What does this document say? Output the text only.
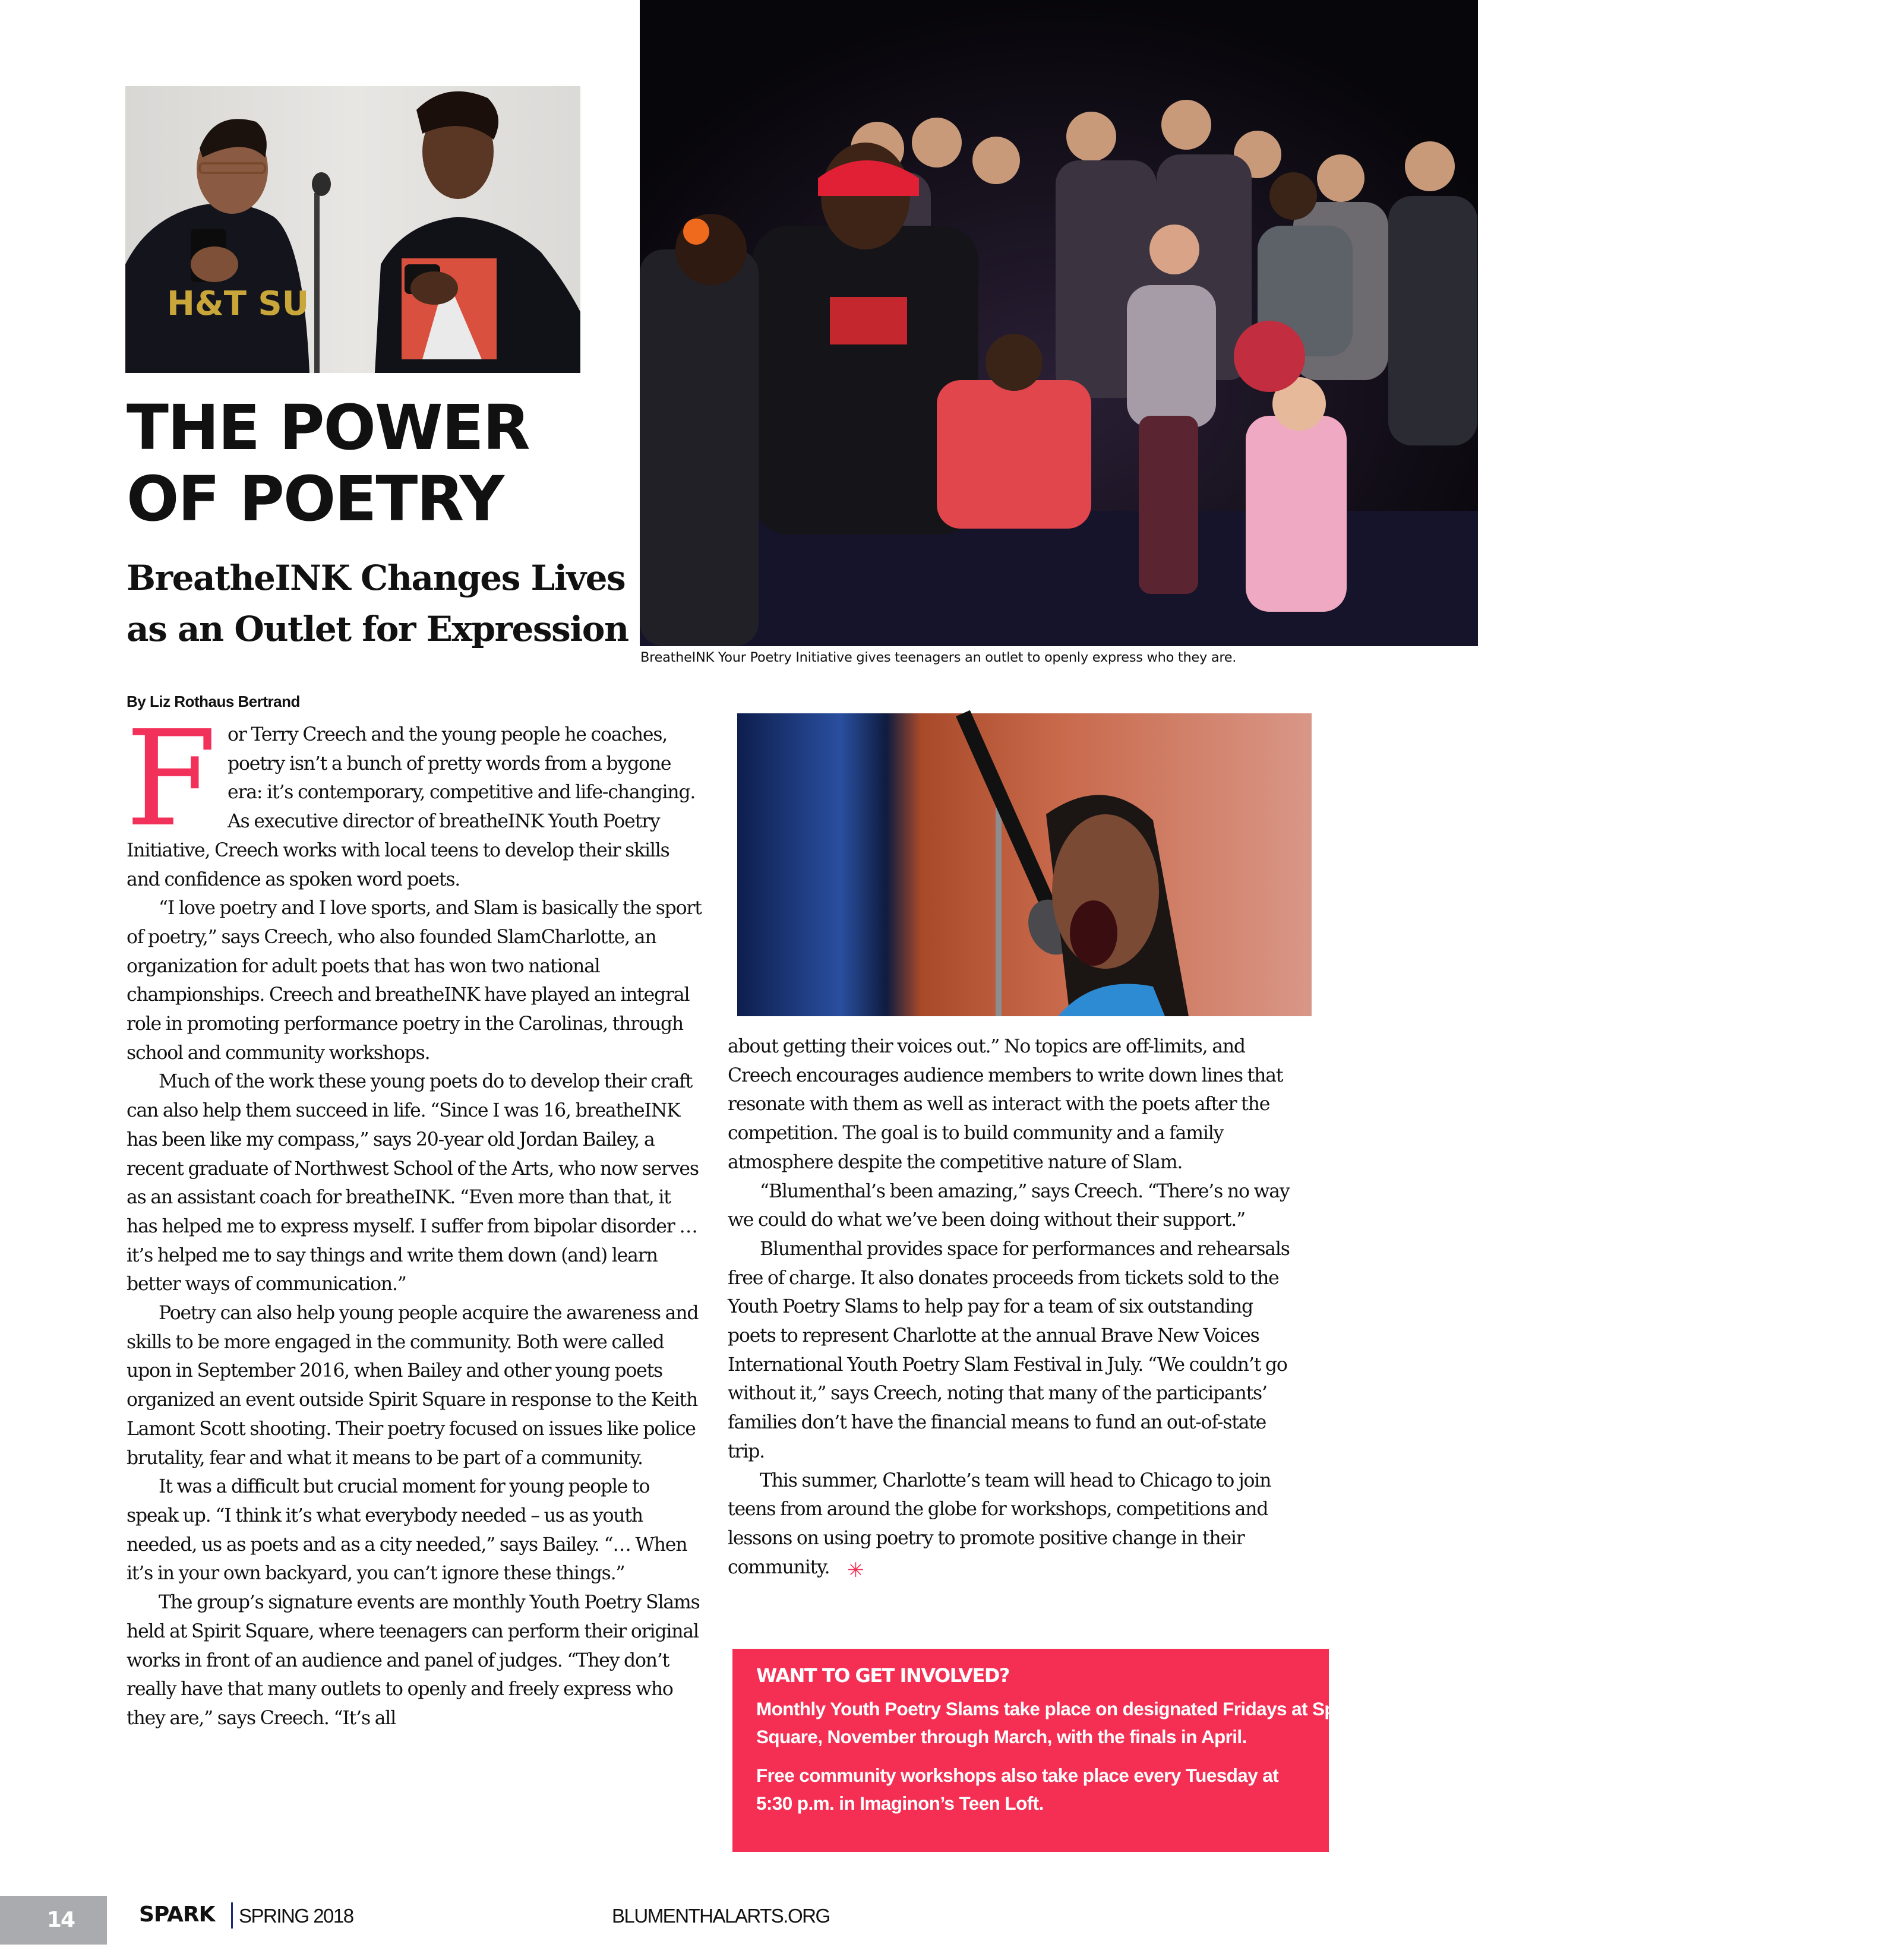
H&T SU
PHOTOS COURTESY OF BREATHEINK
BreatheINK Your Poetry Initiative gives teenagers an outlet to openly express who they are.
THE POWER
OF POETRY
BreatheINK Changes Lives
as an Outlet for Expression
By Liz Rothaus Bertrand

For Terry Creech and the young people he coaches, poetry isn’t a bunch of pretty words from a bygone era: it’s contemporary, competitive and life-changing. As executive director of breatheINK Youth Poetry Initiative, Creech works with local teens to develop their skills and confidence as spoken word poets.

“I love poetry and I love sports, and Slam is basically the sport of poetry,” says Creech, who also founded SlamCharlotte, an organization for adult poets that has won two national championships. Creech and breatheINK have played an integral role in promoting performance poetry in the Carolinas, through school and community workshops.

Much of the work these young poets do to develop their craft can also help them succeed in life. “Since I was 16, breatheINK has been like my compass,” says 20-year old Jordan Bailey, a recent graduate of Northwest School of the Arts, who now serves as an assistant coach for breatheINK. “Even more than that, it has helped me to express myself. I suffer from bipolar disorder … it’s helped me to say things and write them down (and) learn better ways of communication.”

Poetry can also help young people acquire the awareness and skills to be more engaged in the community. Both were called upon in September 2016, when Bailey and other young poets organized an event outside Spirit Square in response to the Keith Lamont Scott shooting. Their poetry focused on issues like police brutality, fear and what it means to be part of a community.

It was a difficult but crucial moment for young people to speak up. “I think it’s what everybody needed – us as youth needed, us as poets and as a city needed,” says Bailey. “… When it’s in your own backyard, you can’t ignore these things.”

The group’s signature events are monthly Youth Poetry Slams held at Spirit Square, where teenagers can perform their original works in front of an audience and panel of judges. “They don’t really have that many outlets to openly and freely express who they are,” says Creech. “It’s all

about getting their voices out.” No topics are off-limits, and Creech encourages audience members to write down lines that resonate with them as well as interact with the poets after the competition. The goal is to build community and a family atmosphere despite the competitive nature of Slam.

“Blumenthal’s been amazing,” says Creech. “There’s no way we could do what we’ve been doing without their support.”

Blumenthal provides space for performances and rehearsals free of charge. It also donates proceeds from tickets sold to the Youth Poetry Slams to help pay for a team of six outstanding poets to represent Charlotte at the annual Brave New Voices International Youth Poetry Slam Festival in July. “We couldn’t go without it,” says Creech, noting that many of the participants’ families don’t have the financial means to fund an out-of-state trip.

This summer, Charlotte’s team will head to Chicago to join teens from around the globe for workshops, competitions and lessons on using poetry to promote positive change in their community. ✳

WANT TO GET INVOLVED?
Monthly Youth Poetry Slams take place on designated Fridays at Spirit
Square, November through March, with the finals in April.
Free community workshops also take place every Tuesday at
5:30 p.m. in Imaginon’s Teen Loft.
14	SPARK SPRING 2018	BLUMENTHALARTS.ORG
